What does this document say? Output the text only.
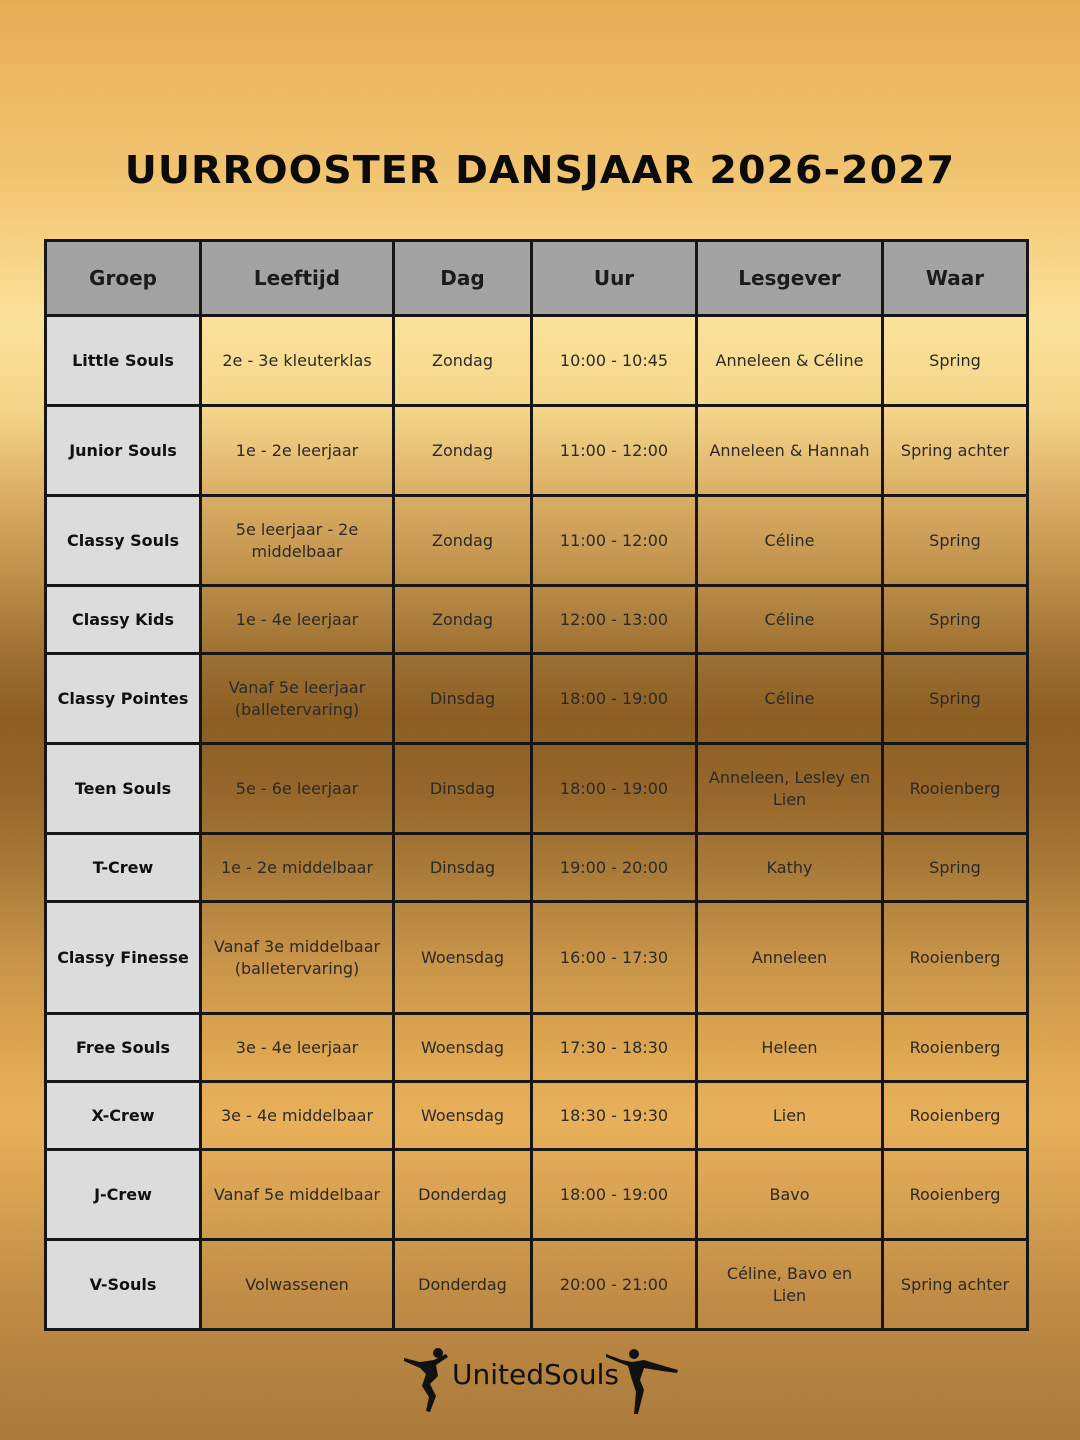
UURROOSTER DANSJAAR 2026-2027
Groep	Leeftijd	Dag	Uur	Lesgever	Waar
Little Souls	2e - 3e kleuterklas	Zondag	10:00 - 10:45	Anneleen & Céline	Spring
Junior Souls	1e - 2e leerjaar	Zondag	11:00 - 12:00	Anneleen & Hannah	Spring achter
Classy Souls	5e leerjaar - 2e middelbaar	Zondag	11:00 - 12:00	Céline	Spring
Classy Kids	1e - 4e leerjaar	Zondag	12:00 - 13:00	Céline	Spring
Classy Pointes	Vanaf 5e leerjaar (balletervaring)	Dinsdag	18:00 - 19:00	Céline	Spring
Teen Souls	5e - 6e leerjaar	Dinsdag	18:00 - 19:00	Anneleen, Lesley en Lien	Rooienberg
T-Crew	1e - 2e middelbaar	Dinsdag	19:00 - 20:00	Kathy	Spring
Classy Finesse	Vanaf 3e middelbaar (balletervaring)	Woensdag	16:00 - 17:30	Anneleen	Rooienberg
Free Souls	3e - 4e leerjaar	Woensdag	17:30 - 18:30	Heleen	Rooienberg
X-Crew	3e - 4e middelbaar	Woensdag	18:30 - 19:30	Lien	Rooienberg
J-Crew	Vanaf 5e middelbaar	Donderdag	18:00 - 19:00	Bavo	Rooienberg
V-Souls	Volwassenen	Donderdag	20:00 - 21:00	Céline, Bavo en Lien	Spring achter
UnitedSouls
